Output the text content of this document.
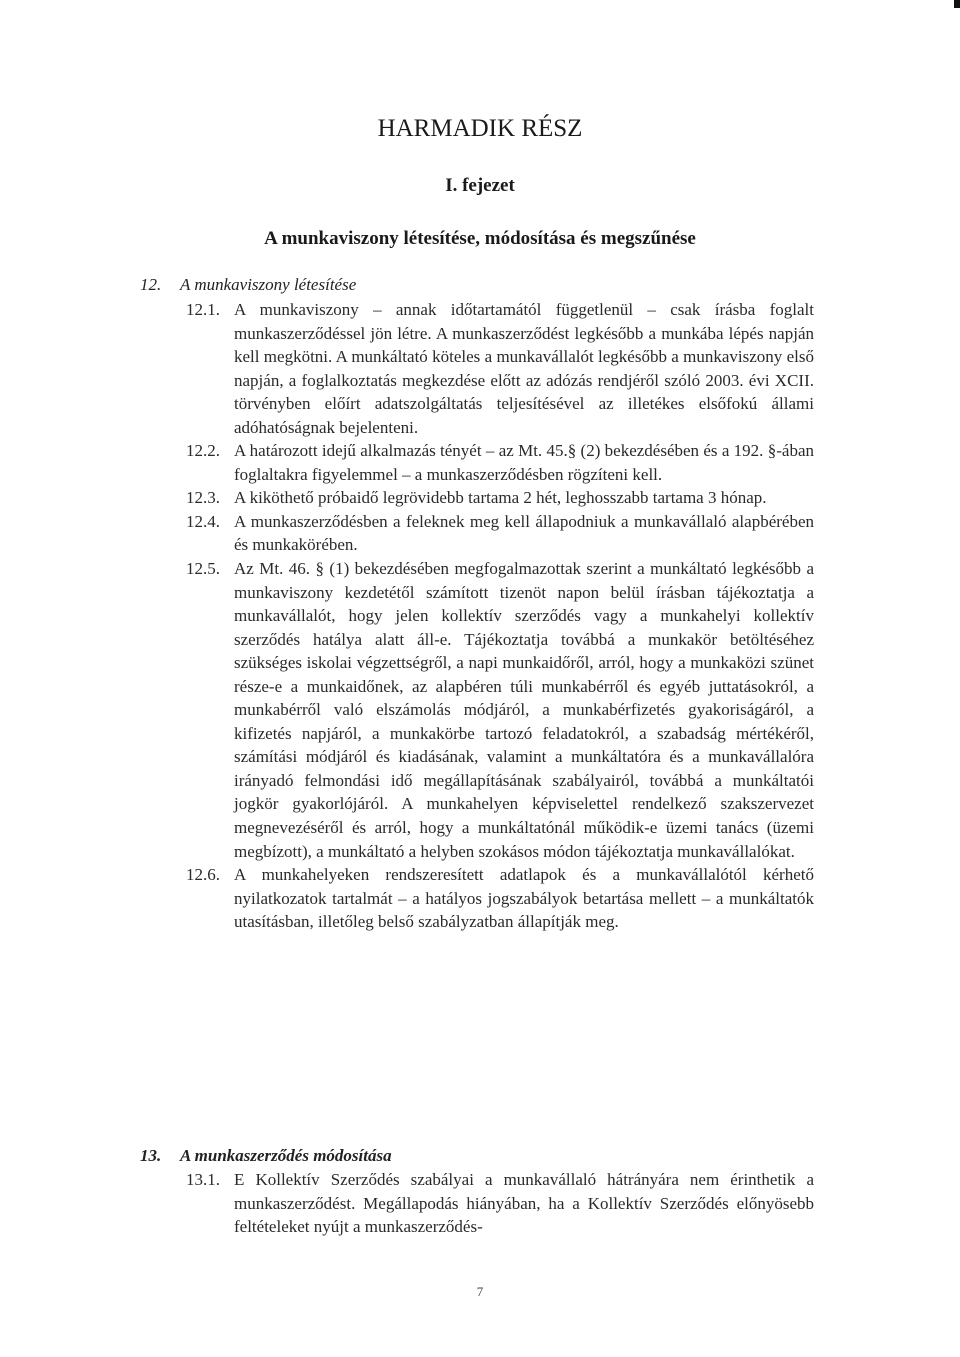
HARMADIK RÉSZ
I. fejezet
A munkaviszony létesítése, módosítása és megszűnése
12. A munkaviszony létesítése
12.1. A munkaviszony – annak időtartamától függetlenül – csak írásba foglalt munkaszerződéssel jön létre. A munkaszerződést legkésőbb a munkába lépés napján kell megkötni. A munkáltató köteles a munkavállalót legkésőbb a munkaviszony első napján, a foglalkoztatás megkezdése előtt az adózás rendjéről szóló 2003. évi XCII. törvényben előírt adatszolgáltatás teljesítésével az illetékes elsőfokú állami adóhatóságnak bejelenteni.
12.2. A határozott idejű alkalmazás tényét – az Mt. 45.§ (2) bekezdésében és a 192. §-ában foglaltakra figyelemmel – a munkaszerződésben rögzíteni kell.
12.3. A kiköthető próbaidő legrövidebb tartama 2 hét, leghosszabb tartama 3 hónap.
12.4. A munkaszerződésben a feleknek meg kell állapodniuk a munkavállaló alapbérében és munkakörében.
12.5. Az Mt. 46. § (1) bekezdésében megfogalmazottak szerint a munkáltató legkésőbb a munkaviszony kezdetétől számított tizenöt napon belül írásban tájékoztatja a munkavállalót, hogy jelen kollektív szerződés vagy a munkahelyi kollektív szerződés hatálya alatt áll-e. Tájékoztatja továbbá a munkakör betöltéséhez szükséges iskolai végzettségről, a napi munkaidőről, arról, hogy a munkaközi szünet része-e a munkaidőnek, az alapbéren túli munkabérről és egyéb juttatásokról, a munkabérről való elszámolás módjáról, a munkabérfizetés gyakoriságáról, a kifizetés napjáról, a munkakörbe tartozó feladatokról, a szabadság mértékéről, számítási módjáról és kiadásának, valamint a munkáltatóra és a munkavállalóra irányadó felmondási idő megállapításának szabályairól, továbbá a munkáltatói jogkör gyakorlójáról. A munkahelyen képviselettel rendelkező szakszervezet megnevezéséről és arról, hogy a munkáltatónál működik-e üzemi tanács (üzemi megbízott), a munkáltató a helyben szokásos módon tájékoztatja munkavállalókat.
12.6. A munkahelyeken rendszeresített adatlapok és a munkavállalótól kérhető nyilatkozatok tartalmát – a hatályos jogszabályok betartása mellett – a munkáltatók utasításban, illetőleg belső szabályzatban állapítják meg.
13. A munkaszerződés módosítása
13.1. E Kollektív Szerződés szabályai a munkavállaló hátrányára nem érinthetik a munkaszerződést. Megállapodás hiányában, ha a Kollektív Szerződés előnyösebb feltételeket nyújt a munkaszerződés-
7
